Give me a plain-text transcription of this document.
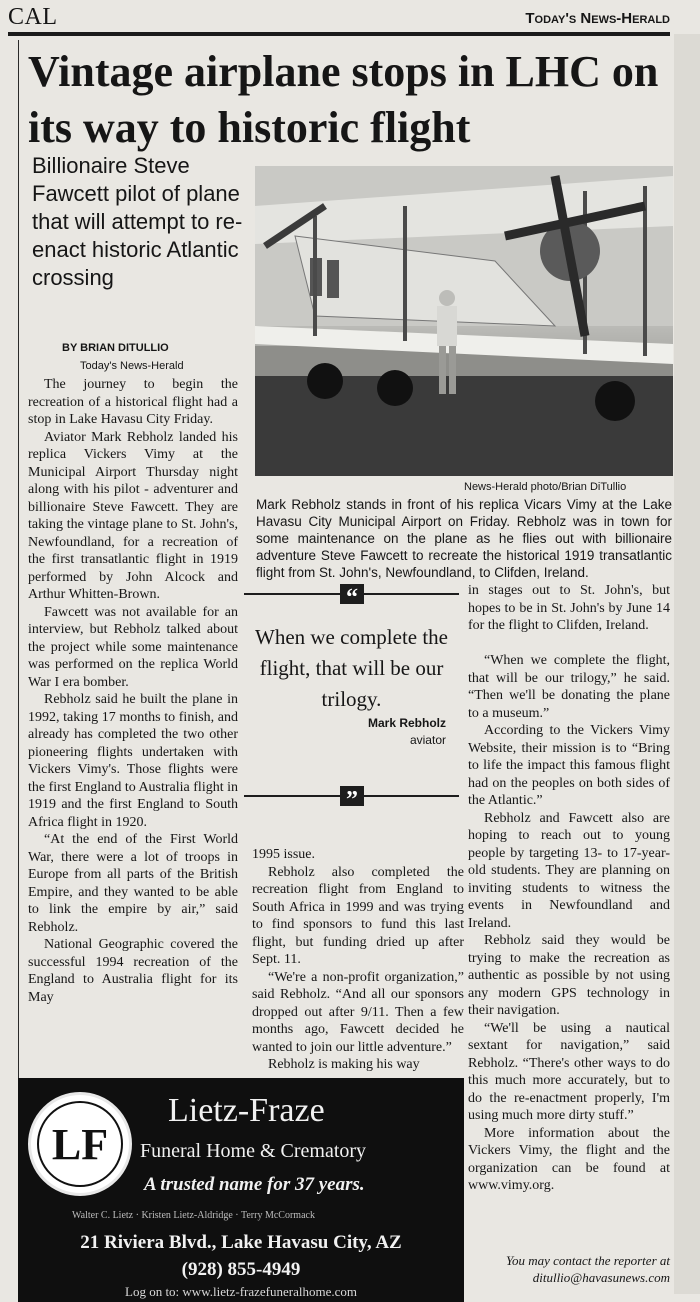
CAL	Today's News-Herald
Vintage airplane stops in LHC on its way to historic flight
Billionaire Steve Fawcett pilot of plane that will attempt to re-enact historic Atlantic crossing
BY BRIAN DITULLIO
Today's News-Herald

The journey to begin the recreation of a historical flight had a stop in Lake Havasu City Friday.

Aviator Mark Rebholz landed his replica Vickers Vimy at the Municipal Airport Thursday night along with his pilot - adventurer and billionaire Steve Fawcett. They are taking the vintage plane to St. John's, Newfoundland, for a recreation of the first transatlantic flight in 1919 performed by John Alcock and Arthur Whitten-Brown.

Fawcett was not available for an interview, but Rebholz talked about the project while some maintenance was performed on the replica World War I era bomber.

Rebholz said he built the plane in 1992, taking 17 months to finish, and already has completed the two other pioneering flights undertaken with Vickers Vimy's. Those flights were the first England to Australia flight in 1919 and the first England to South Africa flight in 1920.

“At the end of the First World War, there were a lot of troops in Europe from all parts of the British Empire, and they wanted to be able to link the empire by air,” said Rebholz.

National Geographic covered the successful 1994 recreation of the England to Australia flight for its May

News-Herald photo/Brian DiTullio
Mark Rebholz stands in front of his replica Vicars Vimy at the Lake Havasu City Municipal Airport on Friday. Rebholz was in town for some maintenance on the plane as he flies out with billionaire adventure Steve Fawcett to recreate the historical 1919 transatlantic flight from St. John's, Newfoundland, to Clifden, Ireland.
“
When we complete the flight, that will be our trilogy.
Mark Rebholz
aviator
”
1995 issue.

Rebholz also completed the recreation flight from England to South Africa in 1999 and was trying to find sponsors to fund this last flight, but funding dried up after Sept. 11.

“We're a non-profit organization,” said Rebholz. “And all our sponsors dropped out after 9/11. Then a few months ago, Fawcett decided he wanted to join our little adventure.”

Rebholz is making his way

in stages out to St. John's, but hopes to be in St. John's by June 14 for the flight to Clifden, Ireland.

“When we complete the flight, that will be our trilogy,” he said. “Then we'll be donating the plane to a museum.”

According to the Vickers Vimy Website, their mission is to “Bring to life the impact this famous flight had on the peoples on both sides of the Atlantic.”

Rebholz and Fawcett also are hoping to reach out to young people by targeting 13- to 17-year-old students. They are planning on inviting students to witness the events in Newfoundland and Ireland.

Rebholz said they would be trying to make the recreation as authentic as possible by not using any modern GPS technology in their navigation.

“We'll be using a nautical sextant for navigation,” said Rebholz. “There's other ways to do this much more accurately, but to do the re-enactment properly, I'm using much more dirty stuff.”

More information about the Vickers Vimy, the flight and the organization can be found at www.vimy.org.

You may contact the reporter at ditullio@havasunews.com
LF
Lietz-Fraze
Funeral Home & Crematory
A trusted name for 37 years.
Walter C. Lietz · Kristen Lietz-Aldridge · Terry McCormack
21 Riviera Blvd., Lake Havasu City, AZ
(928) 855-4949
Log on to: www.lietz-frazefuneralhome.com
